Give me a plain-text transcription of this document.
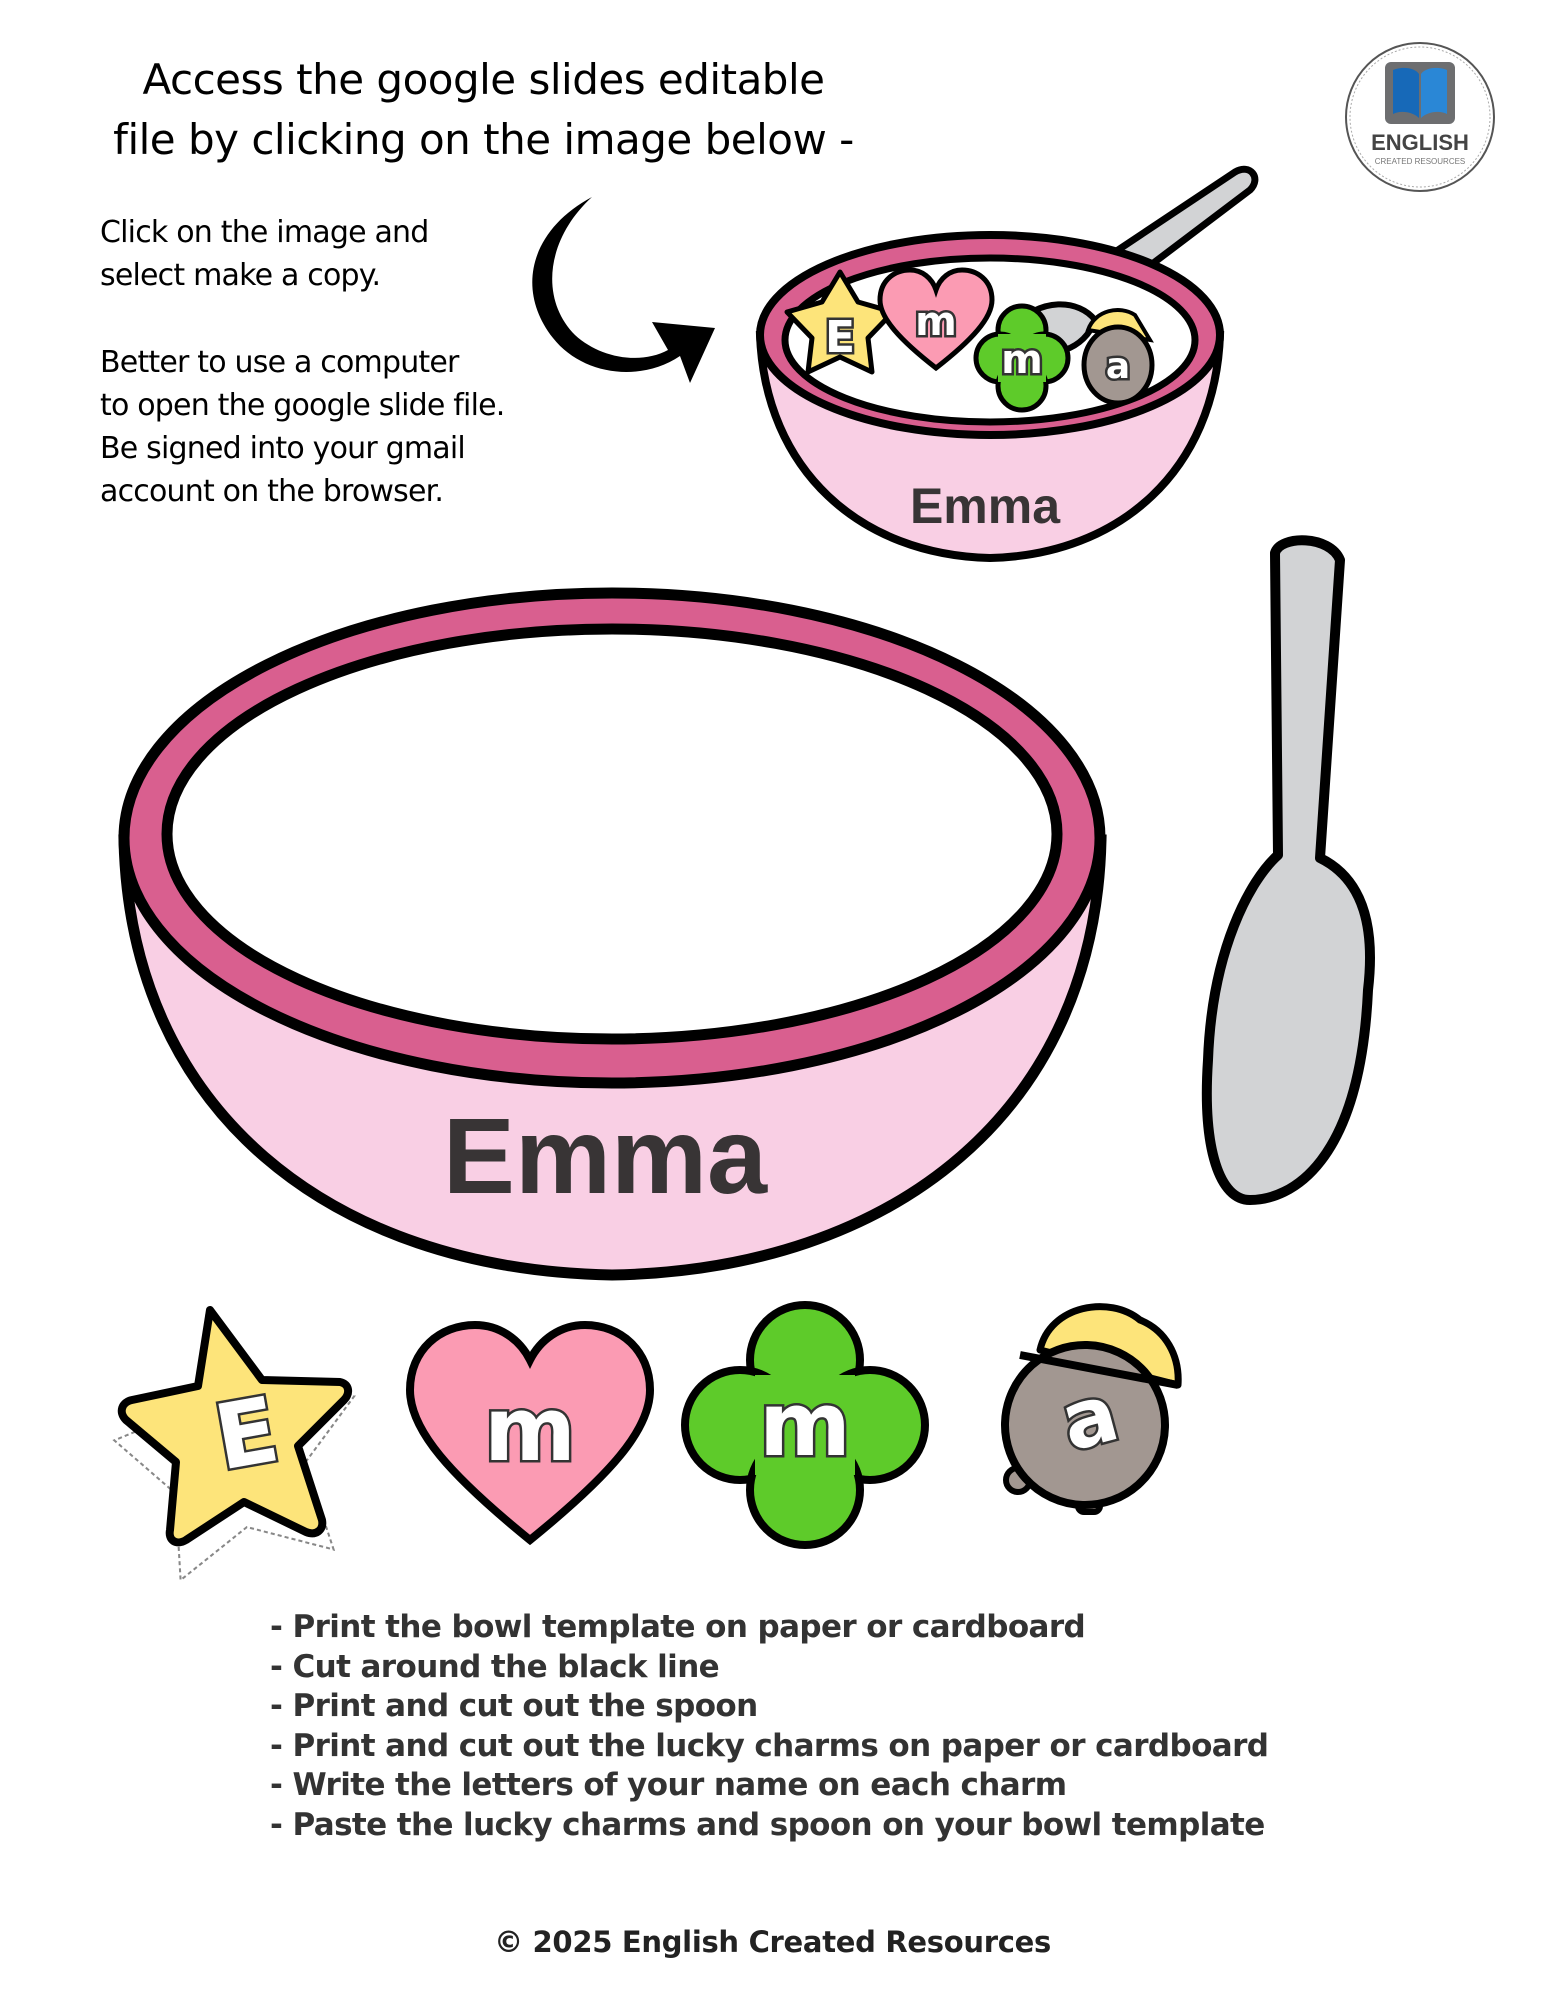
E m
m a
Emma
Emma
E m m	a
Access the google slides editable
file by clicking on the image below -	ENGLISH
CREATED RESOURCES
Click on the image and
select make a copy.
Better to use a computer
to open the google slide file.
Be signed into your gmail
account on the browser.
- Print the bowl template on paper or cardboard
- Cut around the black line
- Print and cut out the spoon
- Print and cut out the lucky charms on paper or cardboard
- Write the letters of your name on each charm
- Paste the lucky charms and spoon on your bowl template
© 2025 English Created Resources
